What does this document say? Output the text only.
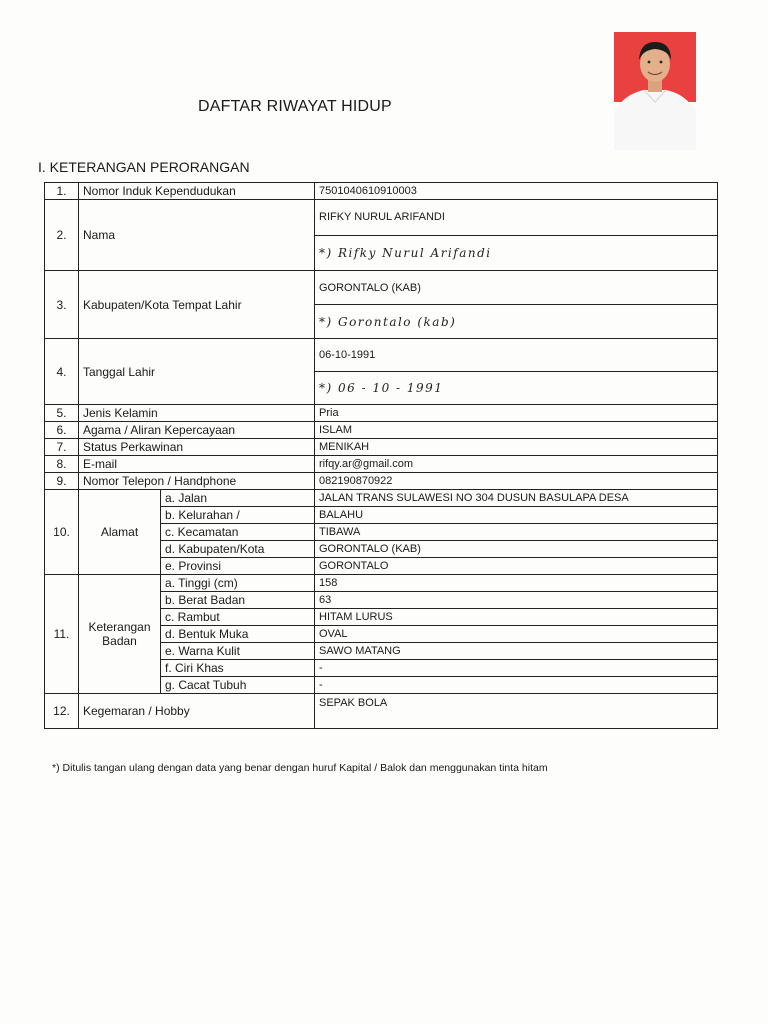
DAFTAR RIWAYAT HIDUP
I. KETERANGAN PERORANGAN
1.	Nomor Induk Kependudukan		7501040610910003
2.	Nama		RIFKY NURUL ARIFANDI
			*) Rifky Nurul Arifandi
3.	Kabupaten/Kota Tempat Lahir		GORONTALO (KAB)
			*) Gorontalo (kab)
4.	Tanggal Lahir		06-10-1991
			*) 06 - 10 - 1991
5.	Jenis Kelamin		Pria
6.	Agama / Aliran Kepercayaan		ISLAM
7.	Status Perkawinan		MENIKAH
8.	E-mail		rifqy.ar@gmail.com
9.	Nomor Telepon / Handphone		082190870922
10.	Alamat	a. Jalan	JALAN TRANS SULAWESI NO 304 DUSUN BASULAPA DESA
		b. Kelurahan /	BALAHU
		c. Kecamatan	TIBAWA
		d. Kabupaten/Kota	GORONTALO (KAB)
		e. Provinsi	GORONTALO
11.	Keterangan
Badan	a. Tinggi (cm)	158
		b. Berat Badan	63
		c. Rambut	HITAM LURUS
		d. Bentuk Muka	OVAL
		e. Warna Kulit	SAWO MATANG
		f. Ciri Khas	-
		g. Cacat Tubuh	-
12.	Kegemaran / Hobby		SEPAK BOLA
*) Ditulis tangan ulang dengan data yang benar dengan huruf Kapital / Balok dan menggunakan tinta hitam
